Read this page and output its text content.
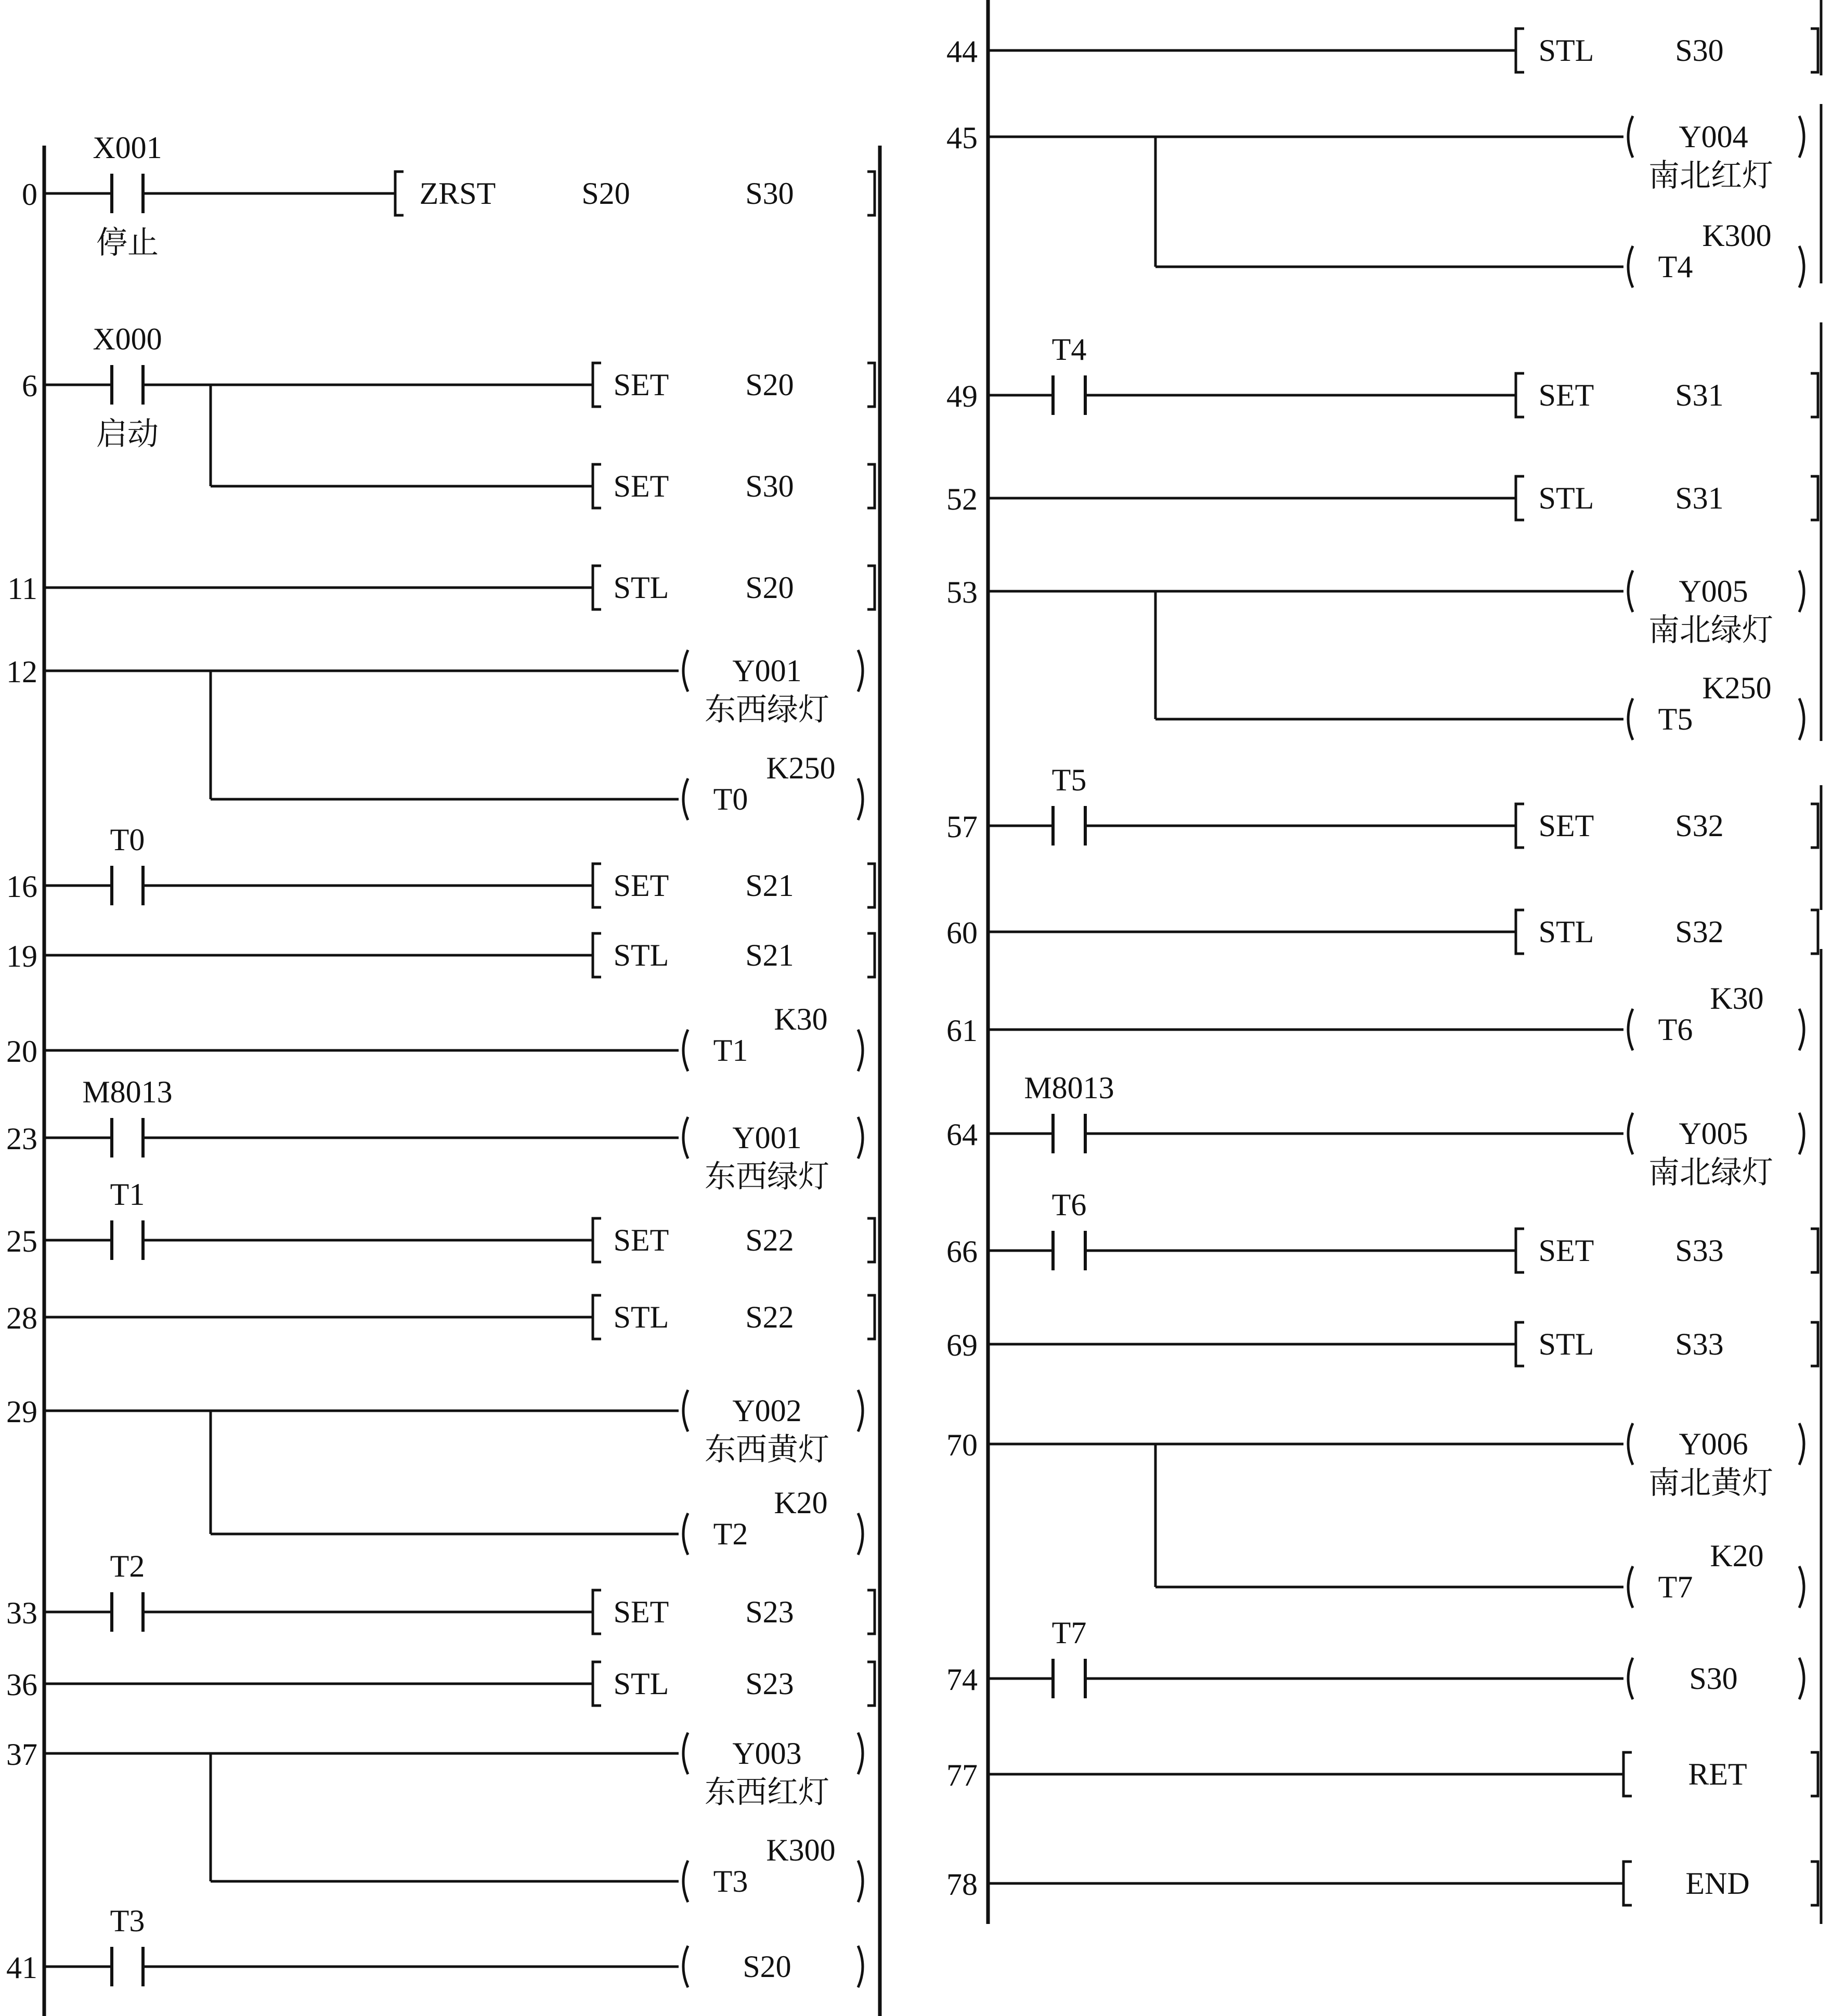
0
X001
停止
ZRST	S20	S30
6
X000
启动
SET S20
SET S30
11	STL S20
12	Y001
东西绿灯
T0
K250
16
T0
SET S21
19	STL S21
20	T1
K30
23
M8013
Y001
东西绿灯
25
T1
SET S22
28	STL S22
29	Y002
东西黄灯
T2
K20
33
T2
SET S23
36	STL S23
37	Y003
东西红灯
T3
K300
41
T3
S20
44	STL	S30
45	Y004
南北红灯
T4
K300
49
T4
SET	S31
52	STL	S31
53	Y005
南北绿灯
T5
K250
57
T5
SET	S32
60	STL	S32
61	T6
K30
64
M8013
Y005
南北绿灯
66
T6
SET	S33
69	STL	S33
70	Y006
南北黄灯
T7
K20
74
T7
S30
77	RET
78	END
